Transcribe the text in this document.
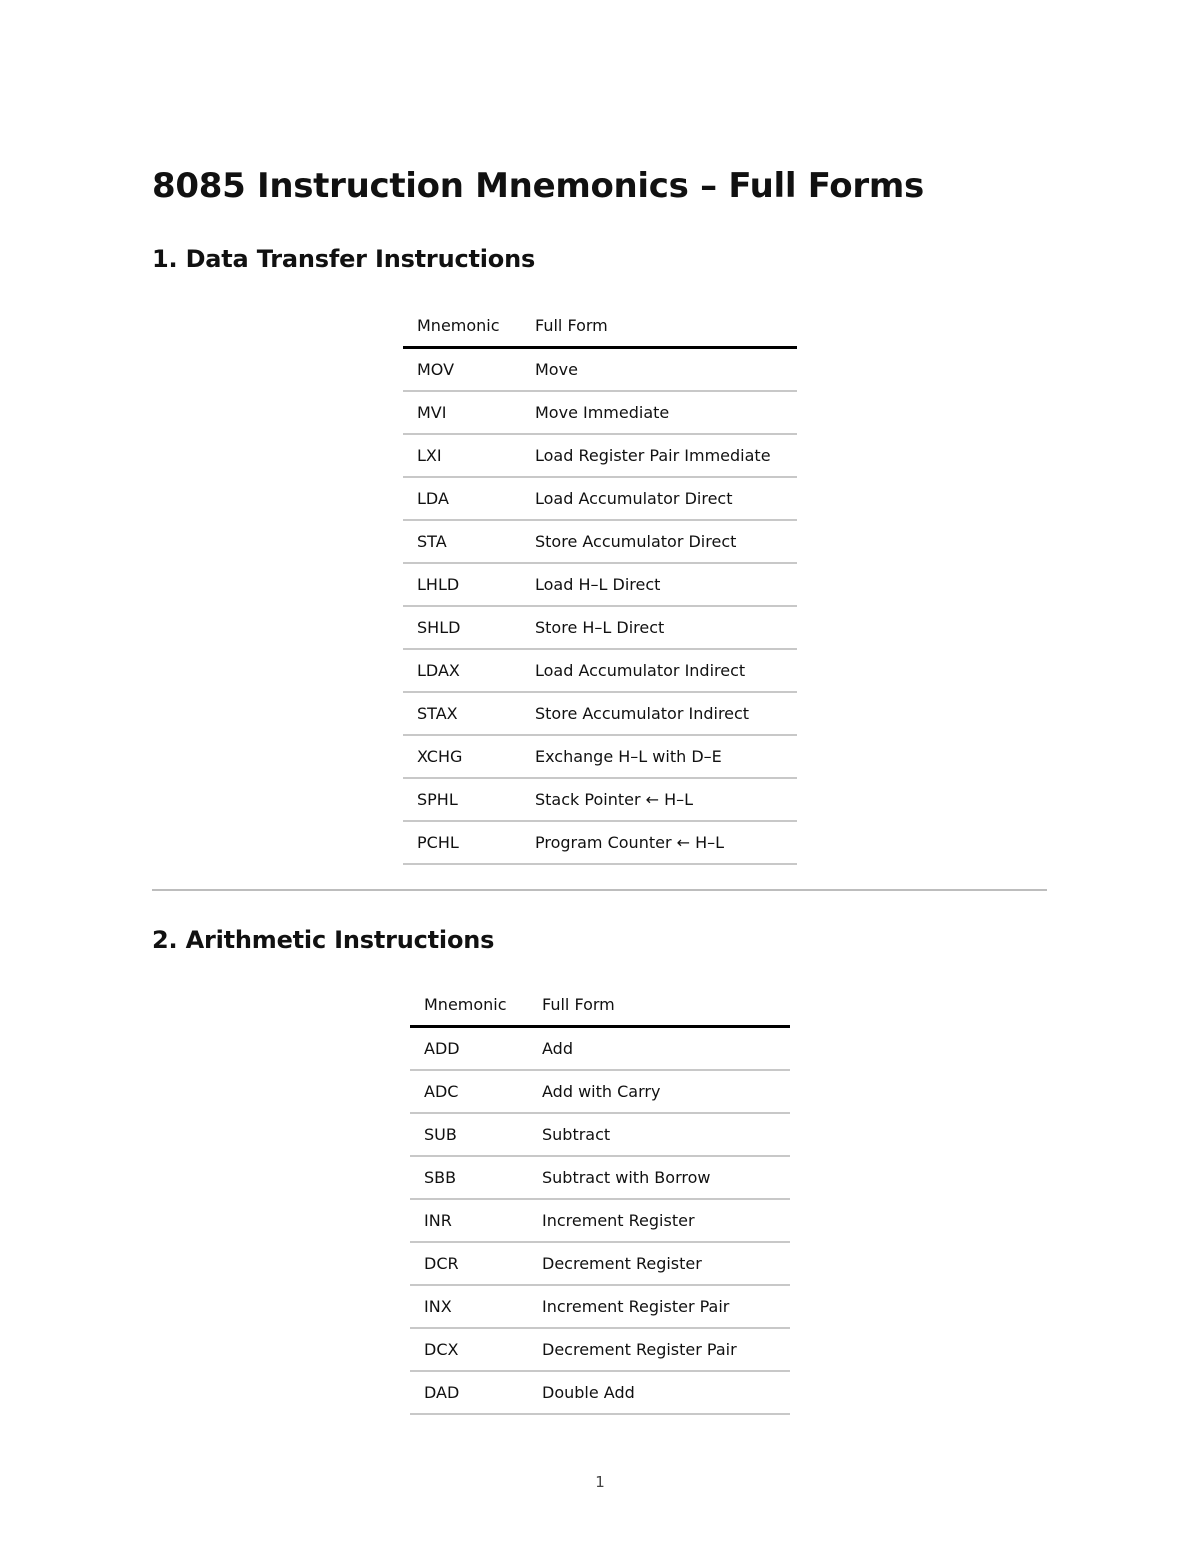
8085 Instruction Mnemonics – Full Forms
1. Data Transfer Instructions
Mnemonic	Full Form
MOV	Move
MVI	Move Immediate
LXI	Load Register Pair Immediate
LDA	Load Accumulator Direct
STA	Store Accumulator Direct
LHLD	Load H–L Direct
SHLD	Store H–L Direct
LDAX	Load Accumulator Indirect
STAX	Store Accumulator Indirect
XCHG	Exchange H–L with D–E
SPHL	Stack Pointer ← H–L
PCHL	Program Counter ← H–L
2. Arithmetic Instructions
Mnemonic	Full Form
ADD	Add
ADC	Add with Carry
SUB	Subtract
SBB	Subtract with Borrow
INR	Increment Register
DCR	Decrement Register
INX	Increment Register Pair
DCX	Decrement Register Pair
DAD	Double Add
1
